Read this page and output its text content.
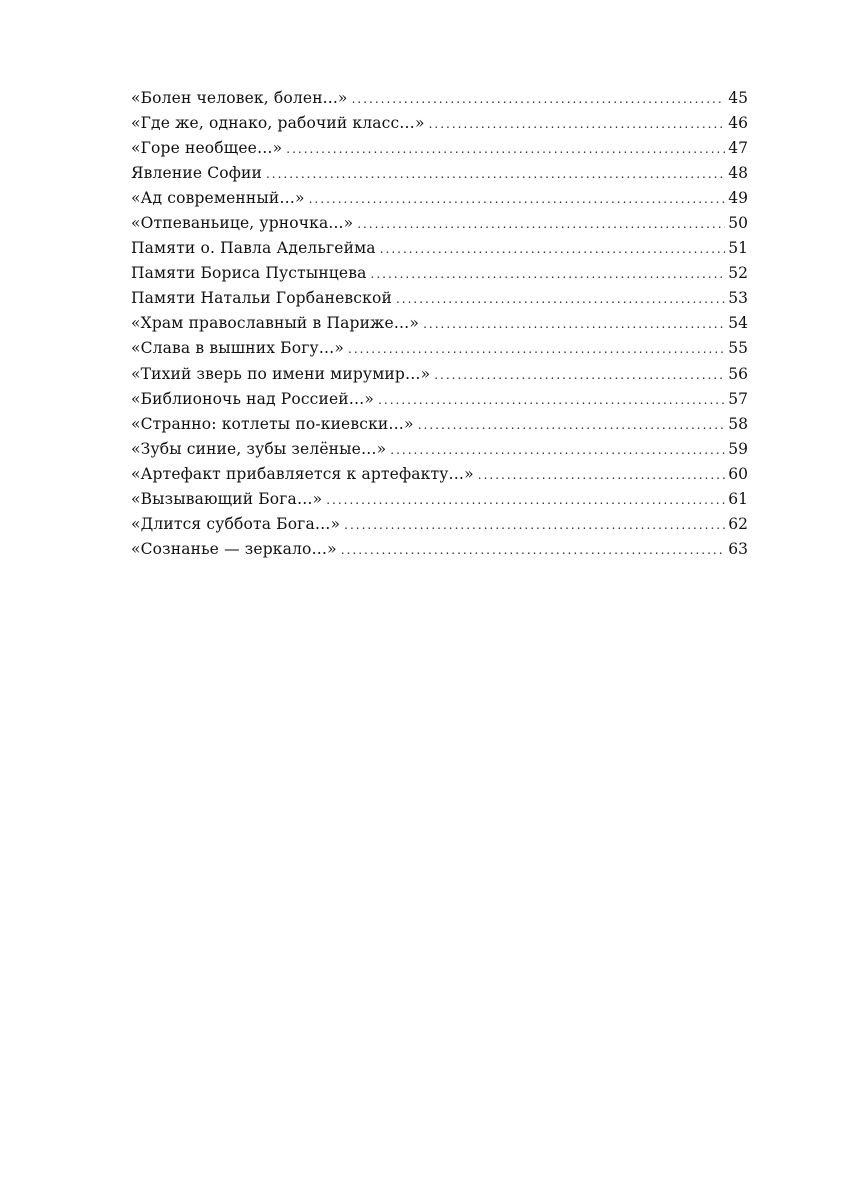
«Болен человек, болен...» .....	45
«Где же, однако, рабочий класс…» .....	46
«Горе необщее…» .....	47
Явление Софии .....	48
«Ад современный…» .....	49
«Отпеваньице, урночка...» .....	50
Памяти о. Павла Адельгейма .....	51
Памяти Бориса Пустынцева .....	52
Памяти Натальи Горбаневской .....	53
«Храм православный в Париже…» .....	54
«Слава в вышних Богу…» .....	55
«Тихий зверь по имени мирумир…» .....	56
«Библионочь над Россией…» .....	57
«Странно: котлеты по-киевски…» .....	58
«Зубы синие, зубы зелёные…» .....	59
«Артефакт прибавляется к артефакту…» .....	60
«Вызывающий Бога…» .....	61
«Длится суббота Бога…» .....	62
«Сознанье — зеркало…» .....	63
